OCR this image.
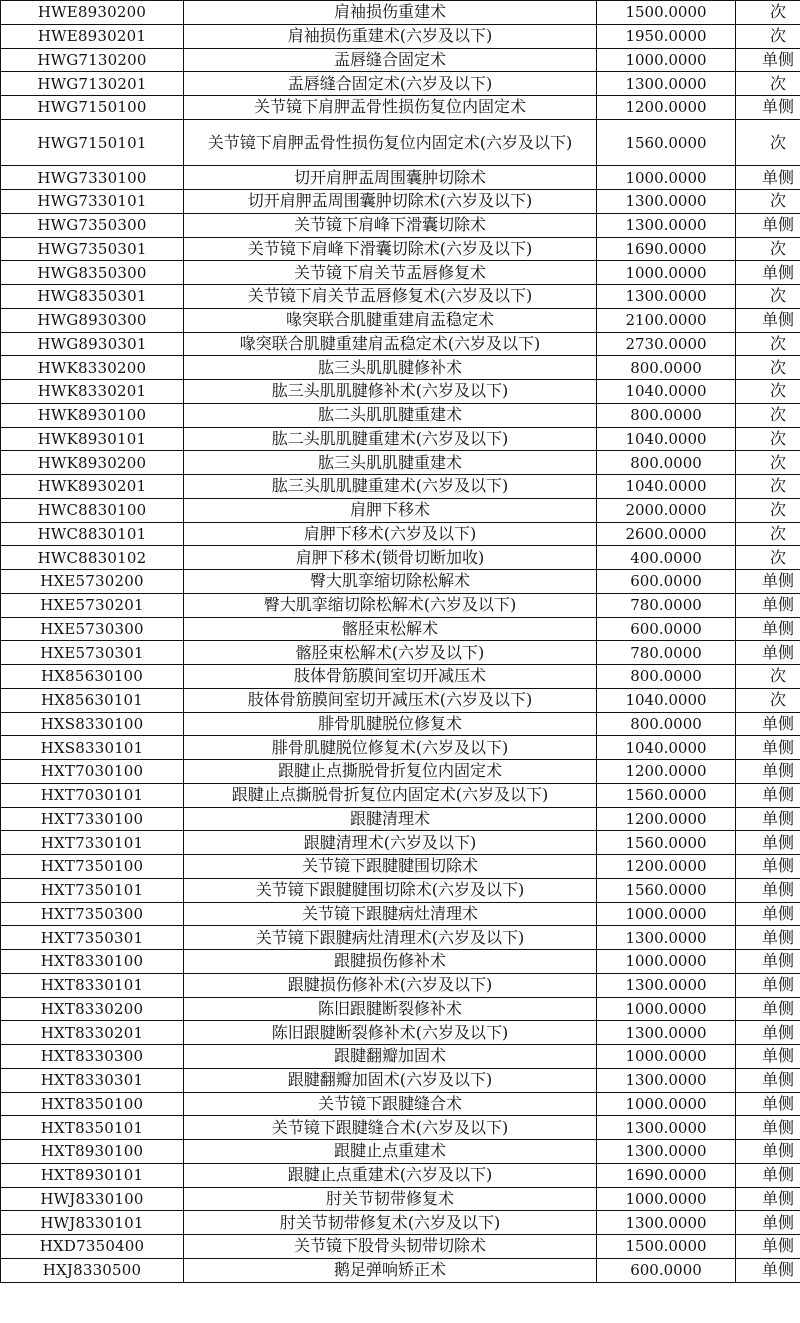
HWE8930200	肩袖损伤重建术	1500.0000	次
HWE8930201	肩袖损伤重建术(六岁及以下)	1950.0000	次
HWG7130200	盂唇缝合固定术	1000.0000	单侧
HWG7130201	盂唇缝合固定术(六岁及以下)	1300.0000	次
HWG7150100	关节镜下肩胛盂骨性损伤复位内固定术	1200.0000	单侧
HWG7150101	关节镜下肩胛盂骨性损伤复位内固定术(六岁及以下)	1560.0000	次
HWG7330100	切开肩胛盂周围囊肿切除术	1000.0000	单侧
HWG7330101	切开肩胛盂周围囊肿切除术(六岁及以下)	1300.0000	次
HWG7350300	关节镜下肩峰下滑囊切除术	1300.0000	单侧
HWG7350301	关节镜下肩峰下滑囊切除术(六岁及以下)	1690.0000	次
HWG8350300	关节镜下肩关节盂唇修复术	1000.0000	单侧
HWG8350301	关节镜下肩关节盂唇修复术(六岁及以下)	1300.0000	次
HWG8930300	喙突联合肌腱重建肩盂稳定术	2100.0000	单侧
HWG8930301	喙突联合肌腱重建肩盂稳定术(六岁及以下)	2730.0000	次
HWK8330200	肱三头肌肌腱修补术	800.0000	次
HWK8330201	肱三头肌肌腱修补术(六岁及以下)	1040.0000	次
HWK8930100	肱二头肌肌腱重建术	800.0000	次
HWK8930101	肱二头肌肌腱重建术(六岁及以下)	1040.0000	次
HWK8930200	肱三头肌肌腱重建术	800.0000	次
HWK8930201	肱三头肌肌腱重建术(六岁及以下)	1040.0000	次
HWC8830100	肩胛下移术	2000.0000	次
HWC8830101	肩胛下移术(六岁及以下)	2600.0000	次
HWC8830102	肩胛下移术(锁骨切断加收)	400.0000	次
HXE5730200	臀大肌挛缩切除松解术	600.0000	单侧
HXE5730201	臀大肌挛缩切除松解术(六岁及以下)	780.0000	单侧
HXE5730300	髂胫束松解术	600.0000	单侧
HXE5730301	髂胫束松解术(六岁及以下)	780.0000	单侧
HX85630100	肢体骨筋膜间室切开减压术	800.0000	次
HX85630101	肢体骨筋膜间室切开减压术(六岁及以下)	1040.0000	次
HXS8330100	腓骨肌腱脱位修复术	800.0000	单侧
HXS8330101	腓骨肌腱脱位修复术(六岁及以下)	1040.0000	单侧
HXT7030100	跟腱止点撕脱骨折复位内固定术	1200.0000	单侧
HXT7030101	跟腱止点撕脱骨折复位内固定术(六岁及以下)	1560.0000	单侧
HXT7330100	跟腱清理术	1200.0000	单侧
HXT7330101	跟腱清理术(六岁及以下)	1560.0000	单侧
HXT7350100	关节镜下跟腱腱围切除术	1200.0000	单侧
HXT7350101	关节镜下跟腱腱围切除术(六岁及以下)	1560.0000	单侧
HXT7350300	关节镜下跟腱病灶清理术	1000.0000	单侧
HXT7350301	关节镜下跟腱病灶清理术(六岁及以下)	1300.0000	单侧
HXT8330100	跟腱损伤修补术	1000.0000	单侧
HXT8330101	跟腱损伤修补术(六岁及以下)	1300.0000	单侧
HXT8330200	陈旧跟腱断裂修补术	1000.0000	单侧
HXT8330201	陈旧跟腱断裂修补术(六岁及以下)	1300.0000	单侧
HXT8330300	跟腱翻瓣加固术	1000.0000	单侧
HXT8330301	跟腱翻瓣加固术(六岁及以下)	1300.0000	单侧
HXT8350100	关节镜下跟腱缝合术	1000.0000	单侧
HXT8350101	关节镜下跟腱缝合术(六岁及以下)	1300.0000	单侧
HXT8930100	跟腱止点重建术	1300.0000	单侧
HXT8930101	跟腱止点重建术(六岁及以下)	1690.0000	单侧
HWJ8330100	肘关节韧带修复术	1000.0000	单侧
HWJ8330101	肘关节韧带修复术(六岁及以下)	1300.0000	单侧
HXD7350400	关节镜下股骨头韧带切除术	1500.0000	单侧
HXJ8330500	鹅足弹响矫正术	600.0000	单侧
